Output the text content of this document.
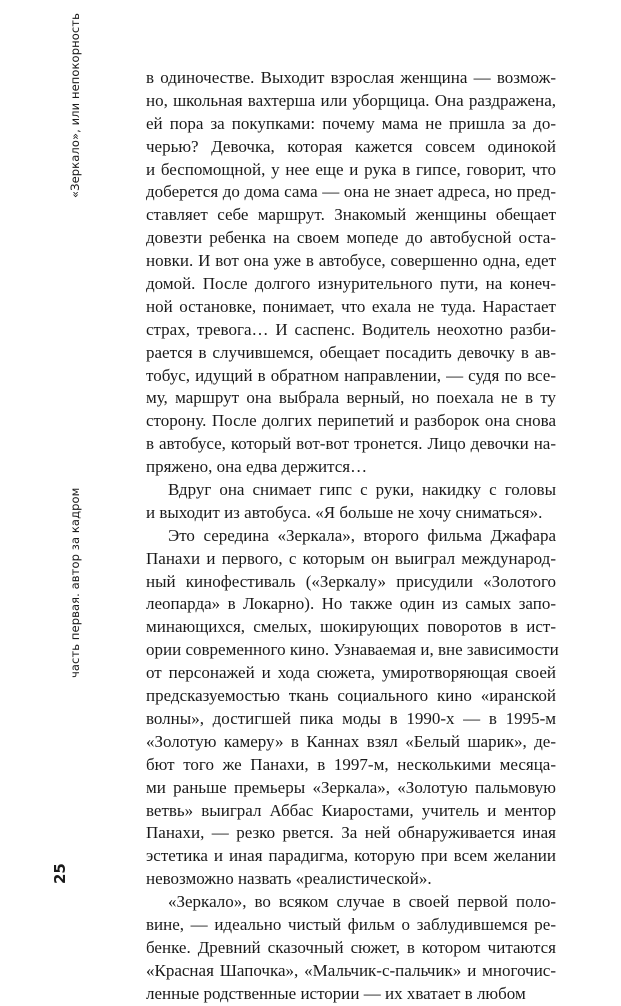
«Зеркало», или непокорность
часть первая. автор за кадром
25
в одиночестве. Выходит взрослая женщина — возмож-
но, школьная вахтерша или уборщица. Она раздражена,
ей пора за покупками: почему мама не пришла за до-
черью? Девочка, которая кажется совсем одинокой
и беспомощной, у нее еще и рука в гипсе, говорит, что
доберется до дома сама — она не знает адреса, но пред-
ставляет себе маршрут. Знакомый женщины обещает
довезти ребенка на своем мопеде до автобусной оста-
новки. И вот она уже в автобусе, совершенно одна, едет
домой. После долгого изнурительного пути, на конеч-
ной остановке, понимает, что ехала не туда. Нарастает
страх, тревога… И саспенс. Водитель неохотно разби-
рается в случившемся, обещает посадить девочку в ав-
тобус, идущий в обратном направлении, — судя по все-
му, маршрут она выбрала верный, но поехала не в ту
сторону. После долгих перипетий и разборок она снова
в автобусе, который вот-вот тронется. Лицо девочки на-
пряжено, она едва держится…
Вдруг она снимает гипс с руки, накидку с головы
и выходит из автобуса. «Я больше не хочу сниматься».
Это середина «Зеркала», второго фильма Джафара
Панахи и первого, с которым он выиграл международ-
ный кинофестиваль («Зеркалу» присудили «Золотого
леопарда» в Локарно). Но также один из самых запо-
минающихся, смелых, шокирующих поворотов в ист-
ории современного кино. Узнаваемая и, вне зависимости
от персонажей и хода сюжета, умиротворяющая своей
предсказуемостью ткань социального кино «иранской
волны», достигшей пика моды в 1990-х — в 1995-м
«Золотую камеру» в Каннах взял «Белый шарик», де-
бют того же Панахи, в 1997-м, несколькими месяца-
ми раньше премьеры «Зеркала», «Золотую пальмовую
ветвь» выиграл Аббас Киаростами, учитель и ментор
Панахи, — резко рвется. За ней обнаруживается иная
эстетика и иная парадигма, которую при всем желании
невозможно назвать «реалистической».
«Зеркало», во всяком случае в своей первой поло-
вине, — идеально чистый фильм о заблудившемся ре-
бенке. Древний сказочный сюжет, в котором читаются
«Красная Шапочка», «Мальчик-с-пальчик» и многочис-
ленные родственные истории — их хватает в любом
